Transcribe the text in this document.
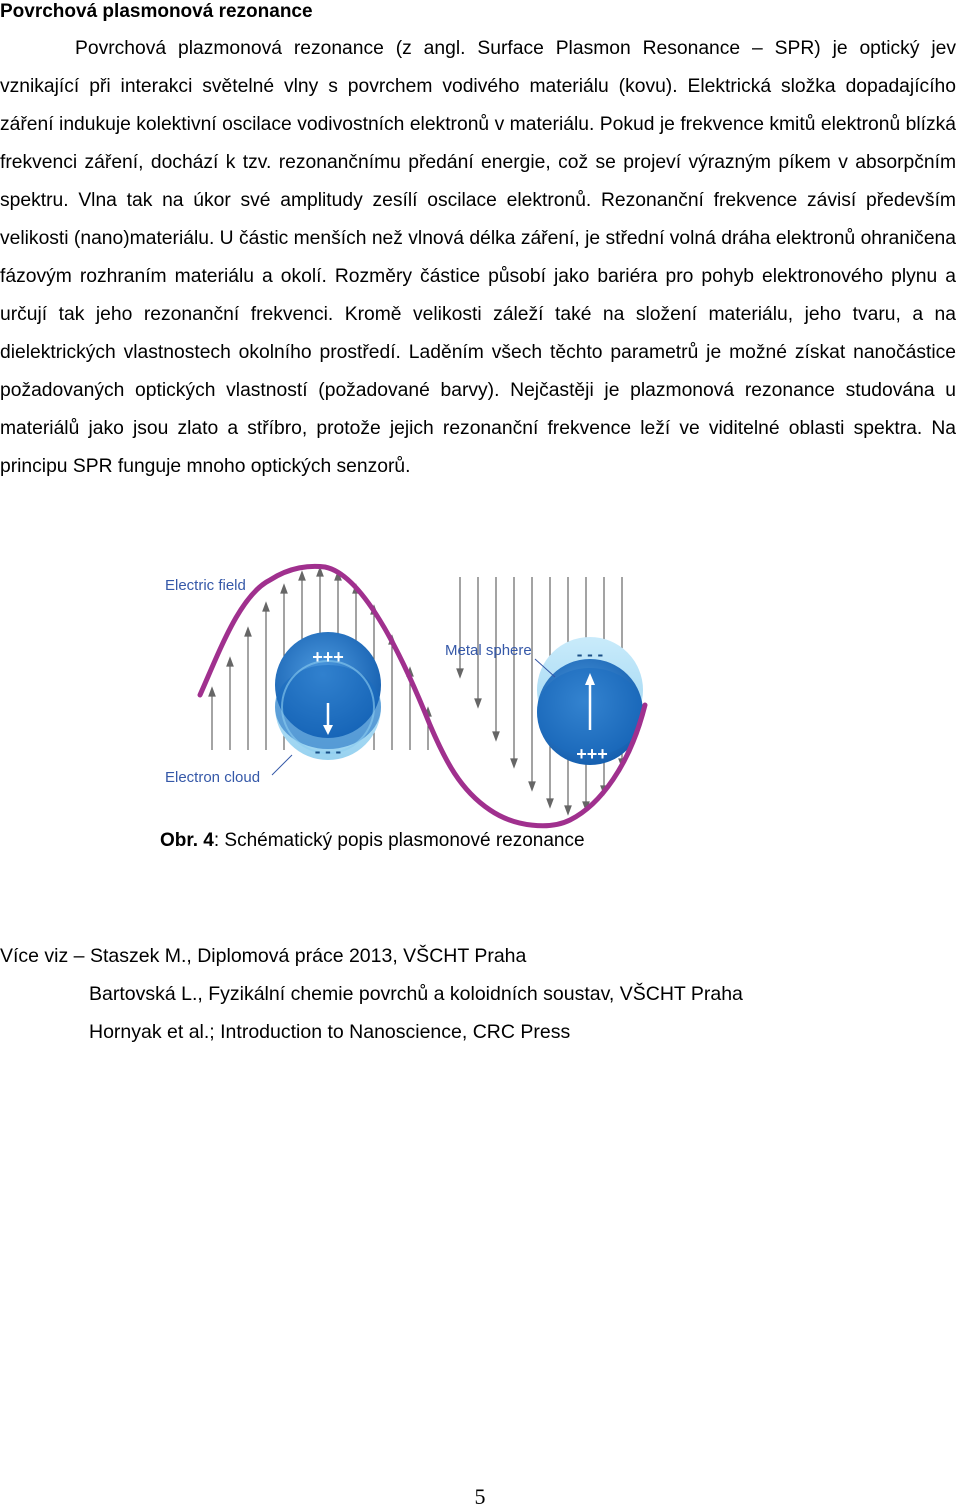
Povrchová plasmonová rezonance

Povrchová plazmonová rezonance (z angl. Surface Plasmon Resonance – SPR) je optický jev vznikající při interakci světelné vlny s povrchem vodivého materiálu (kovu). Elektrická složka dopadajícího záření indukuje kolektivní oscilace vodivostních elektronů v materiálu. Pokud je frekvence kmitů elektronů blízká frekvenci záření, dochází k tzv. rezonančnímu předání energie, což se projeví výrazným píkem v absorpčním spektru. Vlna tak na úkor své amplitudy zesílí oscilace elektronů. Rezonanční frekvence závisí především velikosti (nano)materiálu. U částic menších než vlnová délka záření, je střední volná dráha elektronů ohraničena fázovým rozhraním materiálu a okolí. Rozměry částice působí jako bariéra pro pohyb elektronového plynu a určují tak jeho rezonanční frekvenci. Kromě velikosti záleží také na složení materiálu, jeho tvaru, a na dielektrických vlastnostech okolního prostředí. Laděním všech těchto parametrů je možné získat nanočástice požadovaných optických vlastností (požadované barvy). Nejčastěji je plazmonová rezonance studována u materiálů jako jsou zlato a stříbro, protože jejich rezonanční frekvence leží ve viditelné oblasti spektra. Na principu SPR funguje mnoho optických senzorů.

+++
- - -
- - -
+++
Electric field
Metal sphere
Electron cloud
Obr. 4: Schématický popis plasmonové rezonance
Více viz – Staszek M., Diplomová práce 2013, VŠCHT Praha
Bartovská L., Fyzikální chemie povrchů a koloidních soustav, VŠCHT Praha
Hornyak et al.; Introduction to Nanoscience, CRC Press
5
